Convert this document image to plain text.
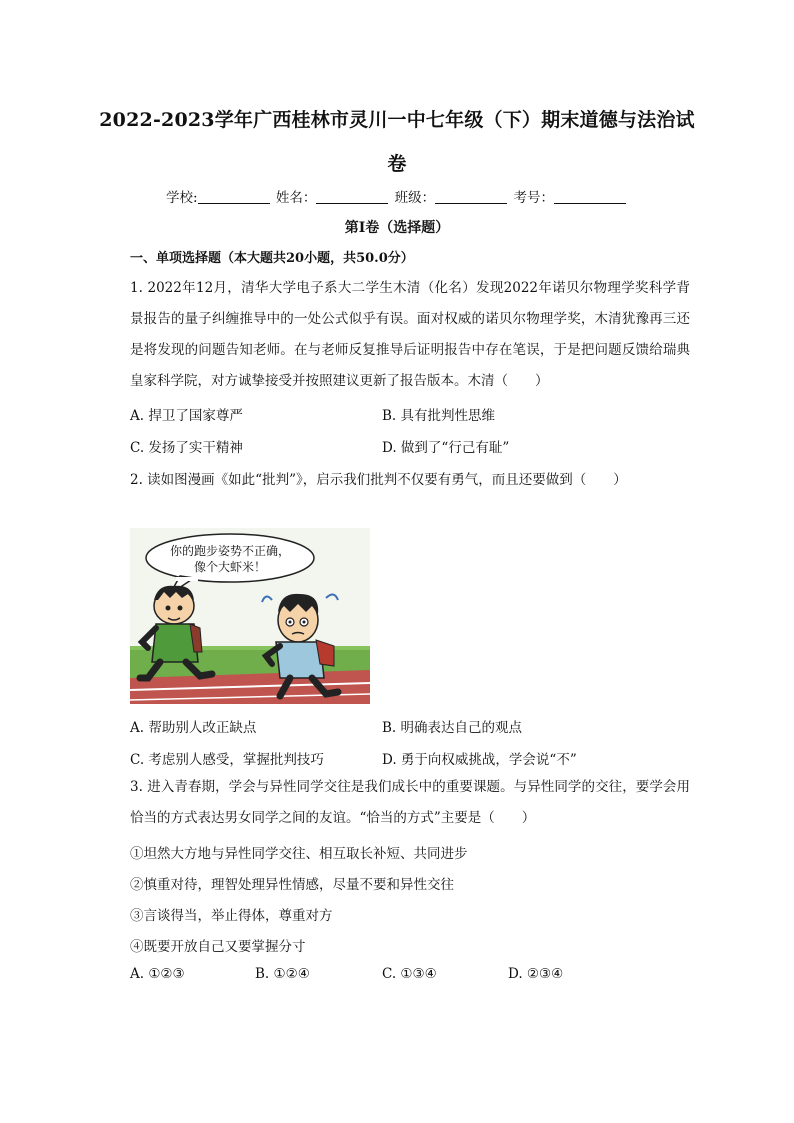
2022-2023学年广西桂林市灵川一中七年级（下）期末道德与法治试卷
学校:	姓名：	班级：	考号：
第I卷（选择题）
一、单项选择题（本大题共20小题，共50.0分）
1. 2022年12月，清华大学电子系大二学生木清（化名）发现2022年诺贝尔物理学奖科学背景报告的量子纠缠推导中的一处公式似乎有误。面对权威的诺贝尔物理学奖，木清犹豫再三还是将发现的问题告知老师。在与老师反复推导后证明报告中存在笔误，于是把问题反馈给瑞典皇家科学院，对方诚挚接受并按照建议更新了报告版本。木清（　　）
A. 捍卫了国家尊严	B. 具有批判性思维
C. 发扬了实干精神	D. 做到了“行己有耻”
2. 读如图漫画《如此“批判”》，启示我们批判不仅要有勇气，而且还要做到（　　）
你的跑步姿势不正确，
像个大虾米！
A. 帮助别人改正缺点	B. 明确表达自己的观点
C. 考虑别人感受，掌握批判技巧	D. 勇于向权威挑战，学会说“不”
3. 进入青春期，学会与异性同学交往是我们成长中的重要课题。与异性同学的交往，要学会用恰当的方式表达男女同学之间的友谊。“恰当的方式”主要是（　　）
①坦然大方地与异性同学交往、相互取长补短、共同进步
②慎重对待，理智处理异性情感，尽量不要和异性交往
③言谈得当，举止得体，尊重对方
④既要开放自己又要掌握分寸
A. ①②③	B. ①②④	C. ①③④	D. ②③④
